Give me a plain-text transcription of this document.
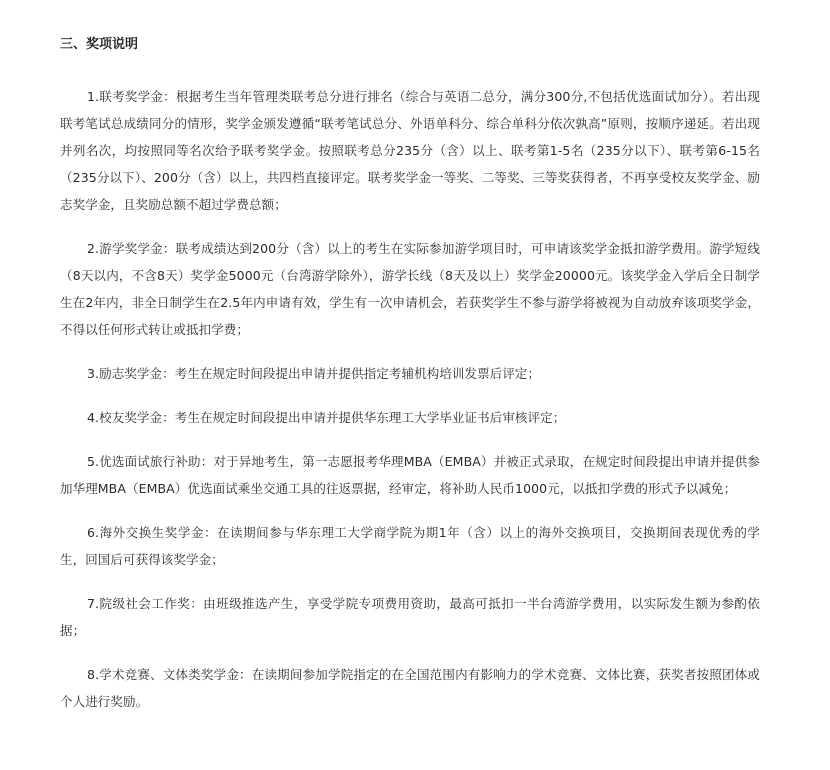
三、奖项说明

1.联考奖学金：根据考生当年管理类联考总分进行排名（综合与英语二总分，满分300分,不包括优选面试加分）。若出现联考笔试总成绩同分的情形，奖学金颁发遵循“联考笔试总分、外语单科分、综合单科分依次孰高”原则，按顺序递延。若出现并列名次，均按照同等名次给予联考奖学金。按照联考总分235分（含）以上、联考第1-5名（235分以下）、联考第6-15名（235分以下）、200分（含）以上，共四档直接评定。联考奖学金一等奖、二等奖、三等奖获得者，不再享受校友奖学金、励志奖学金，且奖励总额不超过学费总额；

2.游学奖学金：联考成绩达到200分（含）以上的考生在实际参加游学项目时，可申请该奖学金抵扣游学费用。游学短线（8天以内，不含8天）奖学金5000元（台湾游学除外），游学长线（8天及以上）奖学金20000元。该奖学金入学后全日制学生在2年内，非全日制学生在2.5年内申请有效，学生有一次申请机会，若获奖学生不参与游学将被视为自动放弃该项奖学金，不得以任何形式转让或抵扣学费；

3.励志奖学金：考生在规定时间段提出申请并提供指定考辅机构培训发票后评定；

4.校友奖学金：考生在规定时间段提出申请并提供华东理工大学毕业证书后审核评定；

5.优选面试旅行补助：对于异地考生，第一志愿报考华理MBA（EMBA）并被正式录取，在规定时间段提出申请并提供参加华理MBA（EMBA）优选面试乘坐交通工具的往返票据，经审定，将补助人民币1000元，以抵扣学费的形式予以减免；

6.海外交换生奖学金：在读期间参与华东理工大学商学院为期1年（含）以上的海外交换项目，交换期间表现优秀的学生，回国后可获得该奖学金；

7.院级社会工作奖：由班级推选产生，享受学院专项费用资助，最高可抵扣一半台湾游学费用，以实际发生额为参酌依据；

8.学术竞赛、文体类奖学金：在读期间参加学院指定的在全国范围内有影响力的学术竞赛、文体比赛，获奖者按照团体或个人进行奖励。
